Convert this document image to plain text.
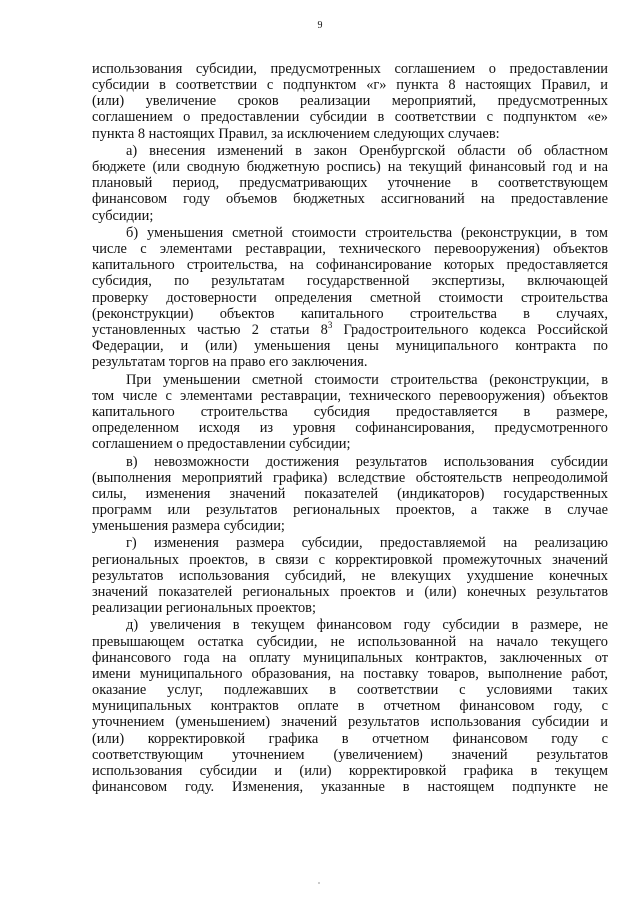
9

использования субсидии, предусмотренных соглашением о предоставлении
субсидии в соответствии с подпунктом «г» пункта 8 настоящих Правил, и
(или) увеличение сроков реализации мероприятий, предусмотренных
соглашением о предоставлении субсидии в соответствии с подпунктом «е»
пункта 8 настоящих Правил, за исключением следующих случаев:

а) внесения изменений в закон Оренбургской области об областном
бюджете (или сводную бюджетную роспись) на текущий финансовый год и на
плановый период, предусматривающих уточнение в соответствующем
финансовом году объемов бюджетных ассигнований на предоставление
субсидии;

б) уменьшения сметной стоимости строительства (реконструкции, в том
числе с элементами реставрации, технического перевооружения) объектов
капитального строительства, на софинансирование которых предоставляется
субсидия, по результатам государственной экспертизы, включающей
проверку достоверности определения сметной стоимости строительства
(реконструкции) объектов капитального строительства в случаях,
установленных частью 2 статьи $8^3$ Градостроительного кодекса Российской
Федерации, и (или) уменьшения цены муниципального контракта по
результатам торгов на право его заключения.

При уменьшении сметной стоимости строительства (реконструкции, в
том числе с элементами реставрации, технического перевооружения) объектов
капитального строительства субсидия предоставляется в размере,
определенном исходя из уровня софинансирования, предусмотренного
соглашением о предоставлении субсидии;

в) невозможности достижения результатов использования субсидии
(выполнения мероприятий графика) вследствие обстоятельств непреодолимой
силы, изменения значений показателей (индикаторов) государственных
программ или результатов региональных проектов, а также в случае
уменьшения размера субсидии;

г) изменения размера субсидии, предоставляемой на реализацию
региональных проектов, в связи с корректировкой промежуточных значений
результатов использования субсидий, не влекущих ухудшение конечных
значений показателей региональных проектов и (или) конечных результатов
реализации региональных проектов;

д) увеличения в текущем финансовом году субсидии в размере, не
превышающем остатка субсидии, не использованной на начало текущего
финансового года на оплату муниципальных контрактов, заключенных от
имени муниципального образования, на поставку товаров, выполнение работ,
оказание услуг, подлежавших в соответствии с условиями таких
муниципальных контрактов оплате в отчетном финансовом году, с
уточнением (уменьшением) значений результатов использования субсидии и
(или) корректировкой графика в отчетном финансовом году с
соответствующим уточнением (увеличением) значений результатов
использования субсидии и (или) корректировкой графика в текущем
финансовом году. Изменения, указанные в настоящем подпункте не
